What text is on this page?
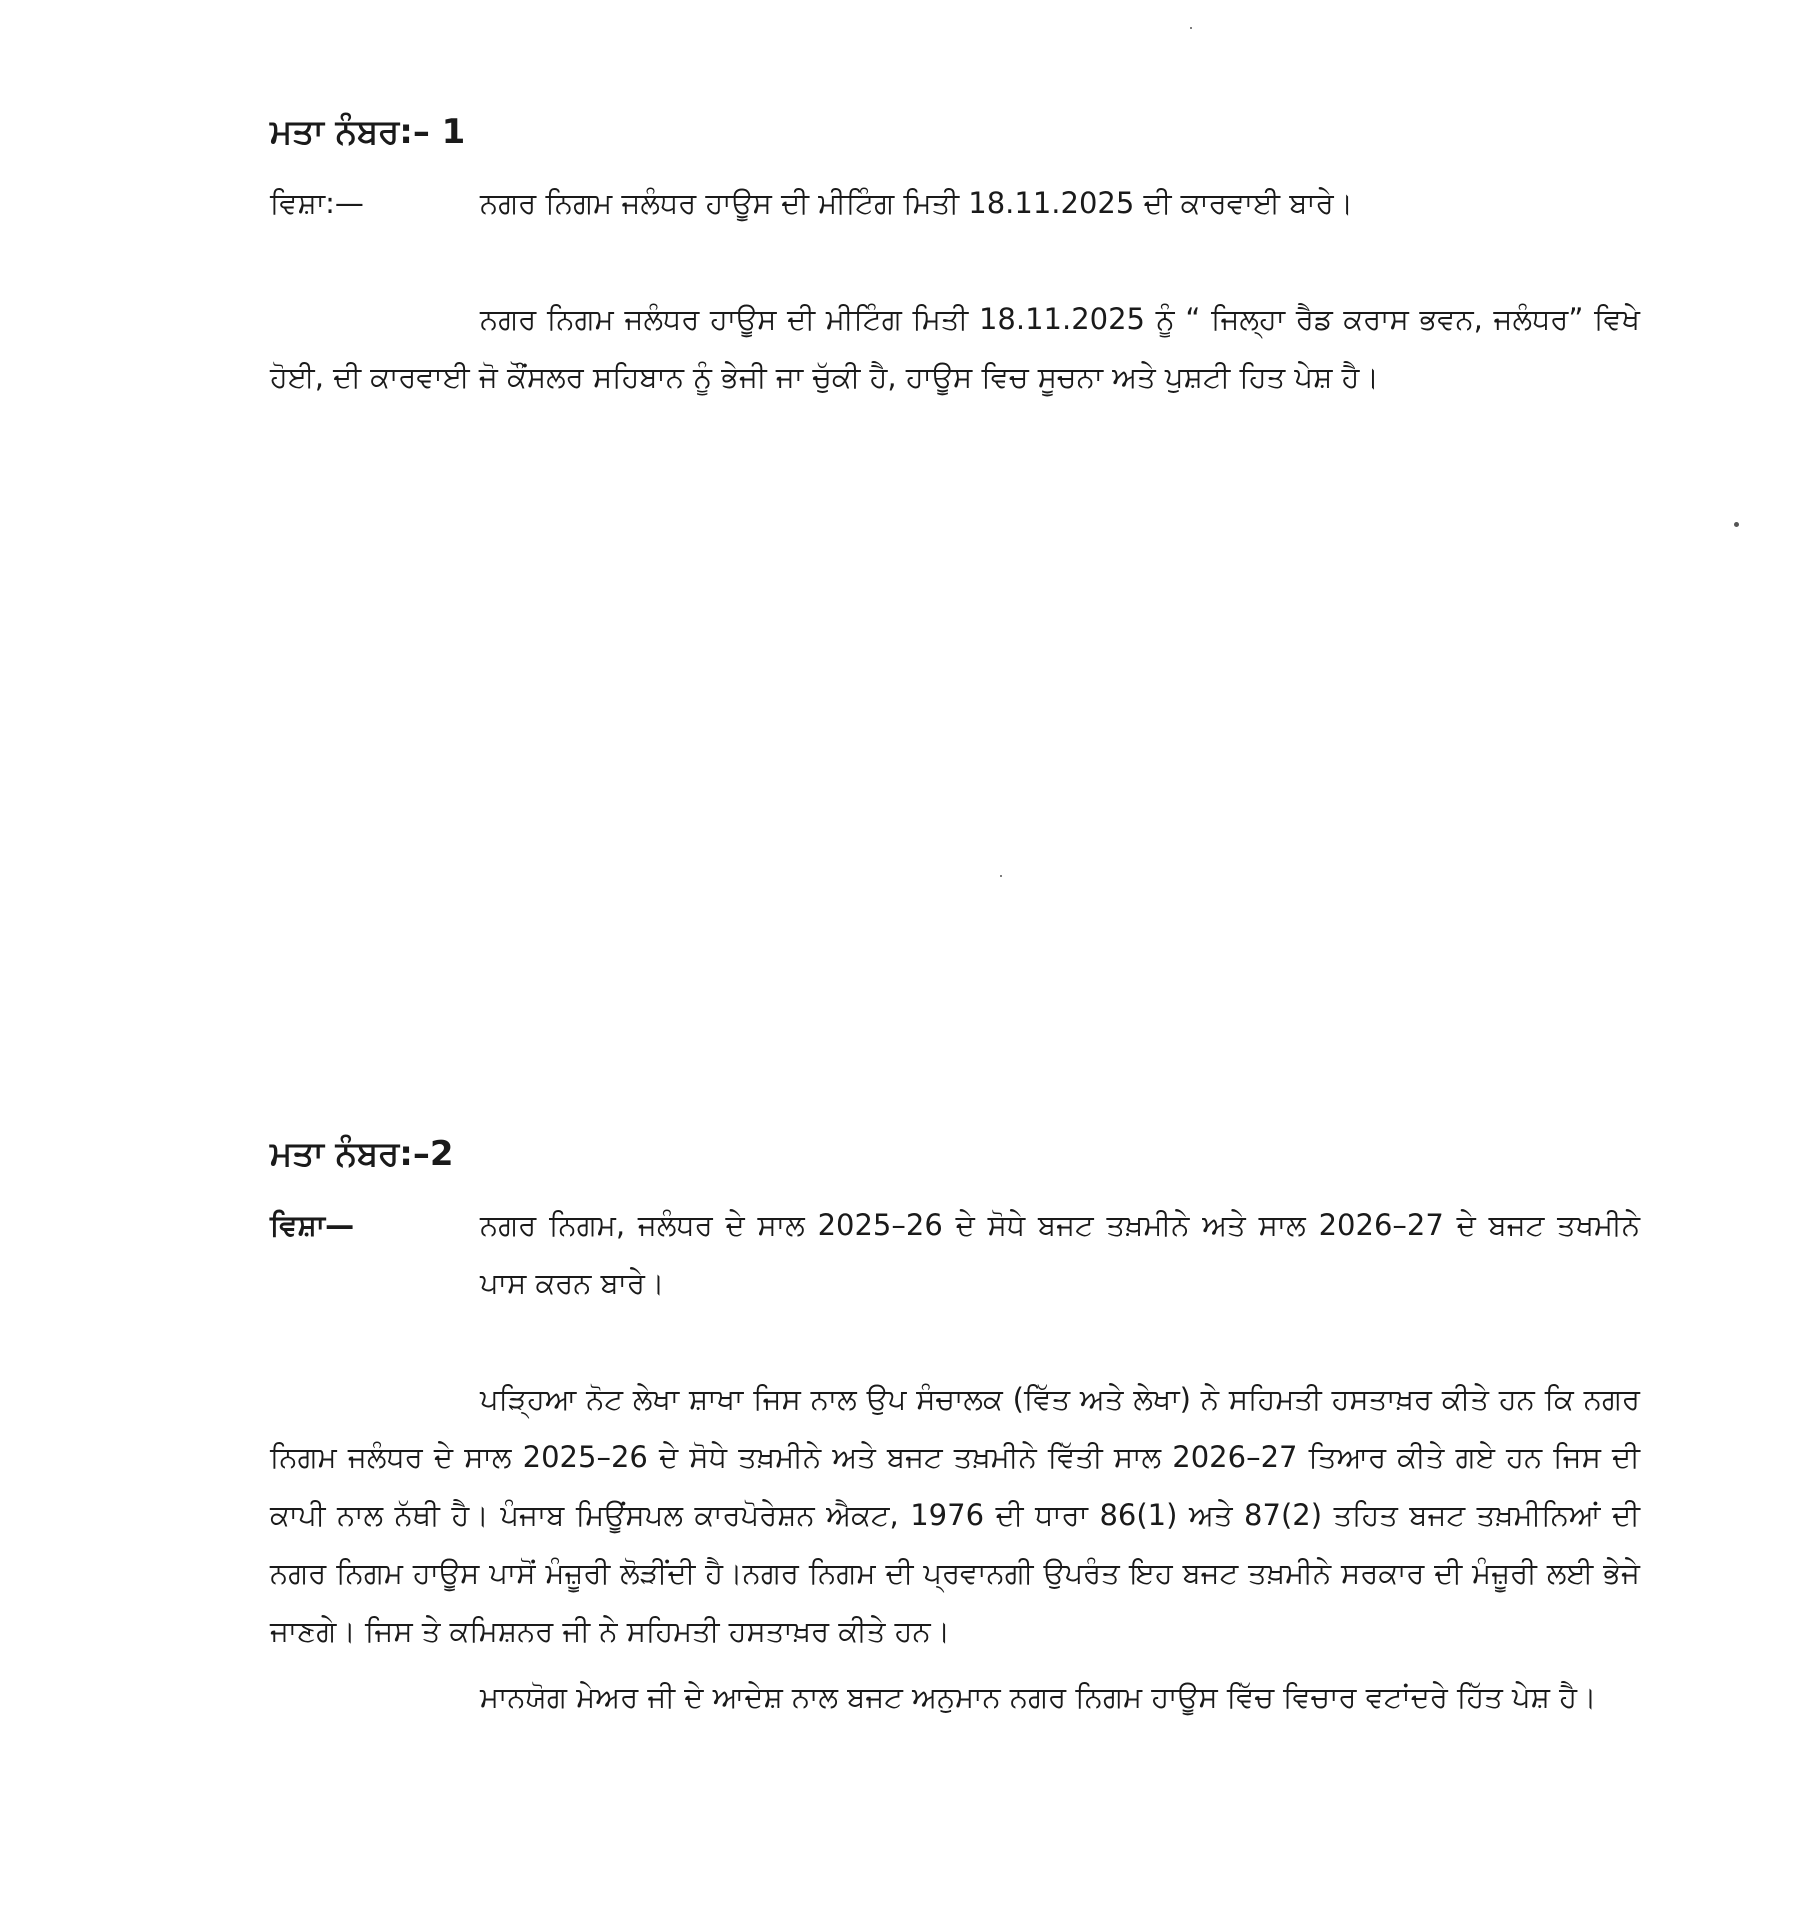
ਮਤਾ ਨੰਬਰ:– 1
ਵਿਸ਼ਾ:—	ਨਗਰ ਨਿਗਮ ਜਲੰਧਰ ਹਾਊਸ ਦੀ ਮੀਟਿੰਗ ਮਿਤੀ 18.11.2025 ਦੀ ਕਾਰਵਾਈ ਬਾਰੇ।

ਨਗਰ ਨਿਗਮ ਜਲੰਧਰ ਹਾਊਸ ਦੀ ਮੀਟਿੰਗ ਮਿਤੀ 18.11.2025 ਨੂੰ “ ਜਿਲ੍ਹਾ ਰੈਡ ਕਰਾਸ ਭਵਨ, ਜਲੰਧਰ” ਵਿਖੇ ਹੋਈ, ਦੀ ਕਾਰਵਾਈ ਜੋ ਕੌਂਸਲਰ ਸਹਿਬਾਨ ਨੂੰ ਭੇਜੀ ਜਾ ਚੁੱਕੀ ਹੈ, ਹਾਊਸ ਵਿਚ ਸੂਚਨਾ ਅਤੇ ਪੁਸ਼ਟੀ ਹਿਤ ਪੇਸ਼ ਹੈ।

ਮਤਾ ਨੰਬਰ:–2
ਵਿਸ਼ਾ—	ਨਗਰ ਨਿਗਮ, ਜਲੰਧਰ ਦੇ ਸਾਲ 2025–26 ਦੇ ਸੋਧੇ ਬਜਟ ਤਖ਼ਮੀਨੇ ਅਤੇ ਸਾਲ 2026–27 ਦੇ ਬਜਟ ਤਖਮੀਨੇ ਪਾਸ ਕਰਨ ਬਾਰੇ।

ਪੜ੍ਹਿਆ ਨੋਟ ਲੇਖਾ ਸ਼ਾਖਾ ਜਿਸ ਨਾਲ ਉਪ ਸੰਚਾਲਕ (ਵਿੱਤ ਅਤੇ ਲੇਖਾ) ਨੇ ਸਹਿਮਤੀ ਹਸਤਾਖ਼ਰ ਕੀਤੇ ਹਨ ਕਿ ਨਗਰ ਨਿਗਮ ਜਲੰਧਰ ਦੇ ਸਾਲ 2025–26 ਦੇ ਸੋਧੇ ਤਖ਼ਮੀਨੇ ਅਤੇ ਬਜਟ ਤਖ਼ਮੀਨੇ ਵਿੱਤੀ ਸਾਲ 2026–27 ਤਿਆਰ ਕੀਤੇ ਗਏ ਹਨ ਜਿਸ ਦੀ ਕਾਪੀ ਨਾਲ ਨੱਥੀ ਹੈ। ਪੰਜਾਬ ਮਿਊਂਸਪਲ ਕਾਰਪੋਰੇਸ਼ਨ ਐਕਟ, 1976 ਦੀ ਧਾਰਾ 86(1) ਅਤੇ 87(2) ਤਹਿਤ ਬਜਟ ਤਖ਼ਮੀਨਿਆਂ ਦੀ ਨਗਰ ਨਿਗਮ ਹਾਊਸ ਪਾਸੋਂ ਮੰਜ਼ੂਰੀ ਲੋੜੀਂਦੀ ਹੈ।ਨਗਰ ਨਿਗਮ ਦੀ ਪ੍ਰਵਾਨਗੀ ਉਪਰੰਤ ਇਹ ਬਜਟ ਤਖ਼ਮੀਨੇ ਸਰਕਾਰ ਦੀ ਮੰਜ਼ੂਰੀ ਲਈ ਭੇਜੇ ਜਾਣਗੇ। ਜਿਸ ਤੇ ਕਮਿਸ਼ਨਰ ਜੀ ਨੇ ਸਹਿਮਤੀ ਹਸਤਾਖ਼ਰ ਕੀਤੇ ਹਨ।

ਮਾਨਯੋਗ ਮੇਅਰ ਜੀ ਦੇ ਆਦੇਸ਼ ਨਾਲ ਬਜਟ ਅਨੁਮਾਨ ਨਗਰ ਨਿਗਮ ਹਾਊਸ ਵਿੱਚ ਵਿਚਾਰ ਵਟਾਂਦਰੇ ਹਿੱਤ ਪੇਸ਼ ਹੈ।
